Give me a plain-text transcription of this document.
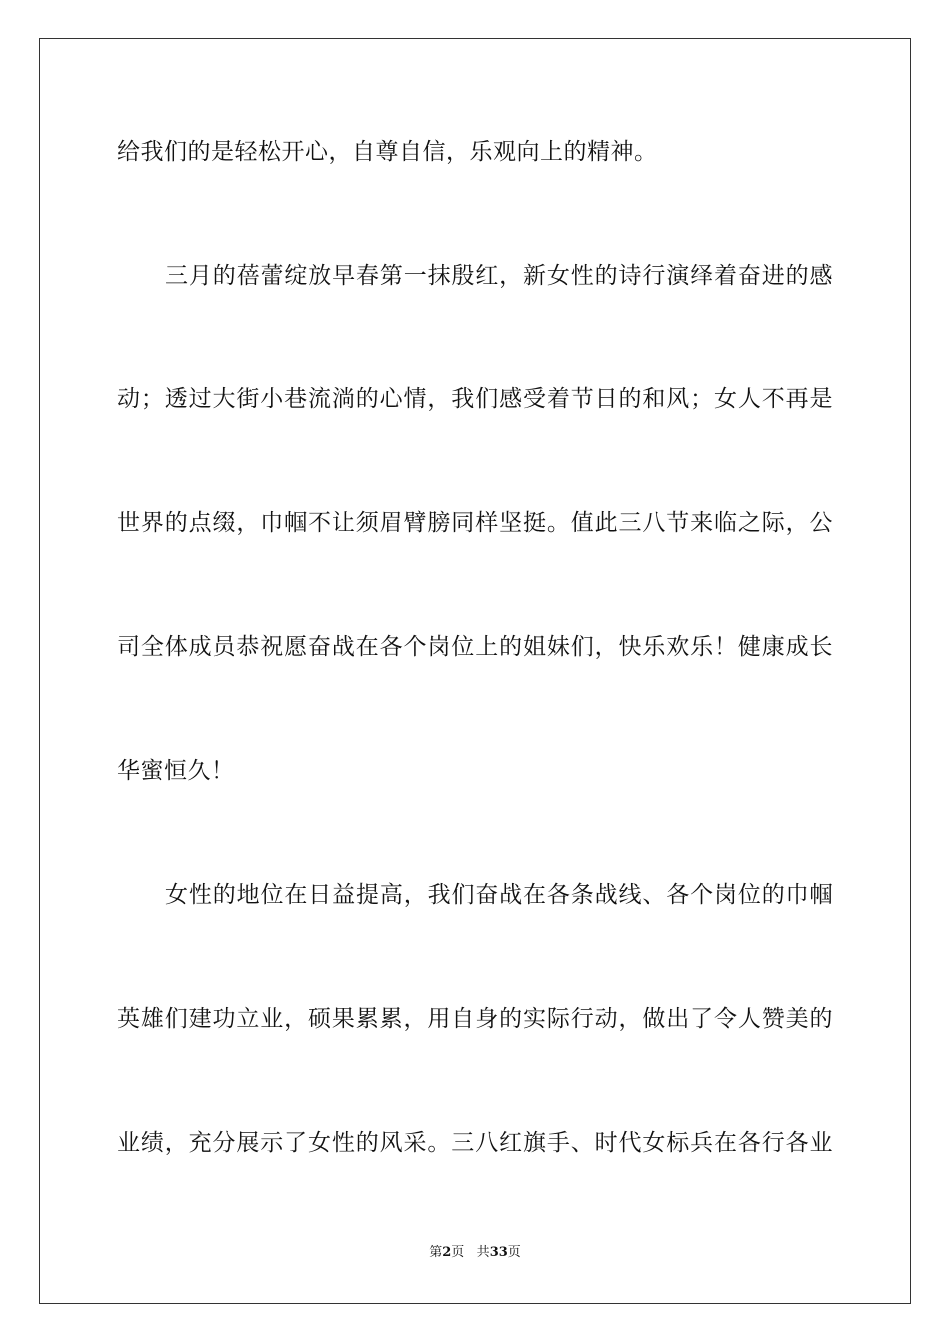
给我们的是轻松开心，自尊自信，乐观向上的精神。
三月的蓓蕾绽放早春第一抹殷红，新女性的诗行演绎着奋进的感
动；透过大街小巷流淌的心情，我们感受着节日的和风；女人不再是
世界的点缀，巾帼不让须眉臂膀同样坚挺。值此三八节来临之际，公
司全体成员恭祝愿奋战在各个岗位上的姐妹们，快乐欢乐！健康成长
华蜜恒久！
女性的地位在日益提高，我们奋战在各条战线、各个岗位的巾帼
英雄们建功立业，硕果累累，用自身的实际行动，做出了令人赞美的
业绩，充分展示了女性的风采。三八红旗手、时代女标兵在各行各业
第2页 共33页
